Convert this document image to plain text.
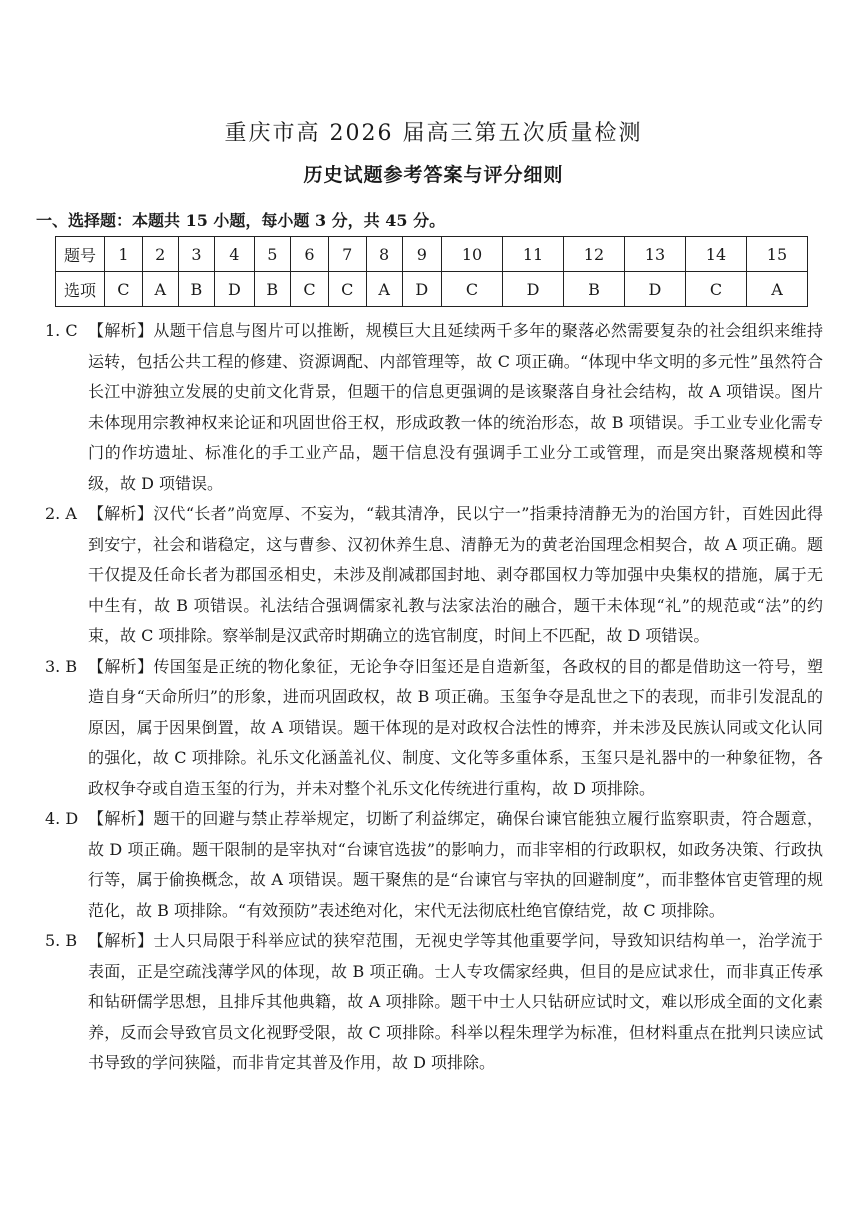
重庆市高 2026 届高三第五次质量检测
历史试题参考答案与评分细则
一、选择题：本题共 15 小题，每小题 3 分，共 45 分。
题号	1	2	3	4	5	6	7	8	9	10	11	12	13	14	15
选项	C	A	B	D	B	C	C	A	D	C	D	B	D	C	A
1. C 【解析】从题干信息与图片可以推断，规模巨大且延续两千多年的聚落必然需要复杂的社会组织来维持运转，包括公共工程的修建、资源调配、内部管理等，故 C 项正确。“体现中华文明的多元性”虽然符合长江中游独立发展的史前文化背景，但题干的信息更强调的是该聚落自身社会结构，故 A 项错误。图片未体现用宗教神权来论证和巩固世俗王权，形成政教一体的统治形态，故 B 项错误。手工业专业化需专门的作坊遗址、标准化的手工业产品，题干信息没有强调手工业分工或管理，而是突出聚落规模和等级，故 D 项错误。
2. A 【解析】汉代“长者”尚宽厚、不妄为，“载其清净，民以宁一”指秉持清静无为的治国方针，百姓因此得到安宁，社会和谐稳定，这与曹参、汉初休养生息、清静无为的黄老治国理念相契合，故 A 项正确。题干仅提及任命长者为郡国丞相史，未涉及削减郡国封地、剥夺郡国权力等加强中央集权的措施，属于无中生有，故 B 项错误。礼法结合强调儒家礼教与法家法治的融合，题干未体现“礼”的规范或“法”的约束，故 C 项排除。察举制是汉武帝时期确立的选官制度，时间上不匹配，故 D 项错误。
3. B 【解析】传国玺是正统的物化象征，无论争夺旧玺还是自造新玺，各政权的目的都是借助这一符号，塑造自身“天命所归”的形象，进而巩固政权，故 B 项正确。玉玺争夺是乱世之下的表现，而非引发混乱的原因，属于因果倒置，故 A 项错误。题干体现的是对政权合法性的博弈，并未涉及民族认同或文化认同的强化，故 C 项排除。礼乐文化涵盖礼仪、制度、文化等多重体系，玉玺只是礼器中的一种象征物，各政权争夺或自造玉玺的行为，并未对整个礼乐文化传统进行重构，故 D 项排除。
4. D 【解析】题干的回避与禁止荐举规定，切断了利益绑定，确保台谏官能独立履行监察职责，符合题意，故 D 项正确。题干限制的是宰执对“台谏官选拔”的影响力，而非宰相的行政职权，如政务决策、行政执行等，属于偷换概念，故 A 项错误。题干聚焦的是“台谏官与宰执的回避制度”，而非整体官吏管理的规范化，故 B 项排除。“有效预防”表述绝对化，宋代无法彻底杜绝官僚结党，故 C 项排除。
5. B 【解析】士人只局限于科举应试的狭窄范围，无视史学等其他重要学问，导致知识结构单一，治学流于表面，正是空疏浅薄学风的体现，故 B 项正确。士人专攻儒家经典，但目的是应试求仕，而非真正传承和钻研儒学思想，且排斥其他典籍，故 A 项排除。题干中士人只钻研应试时文，难以形成全面的文化素养，反而会导致官员文化视野受限，故 C 项排除。科举以程朱理学为标准，但材料重点在批判只读应试书导致的学问狭隘，而非肯定其普及作用，故 D 项排除。
